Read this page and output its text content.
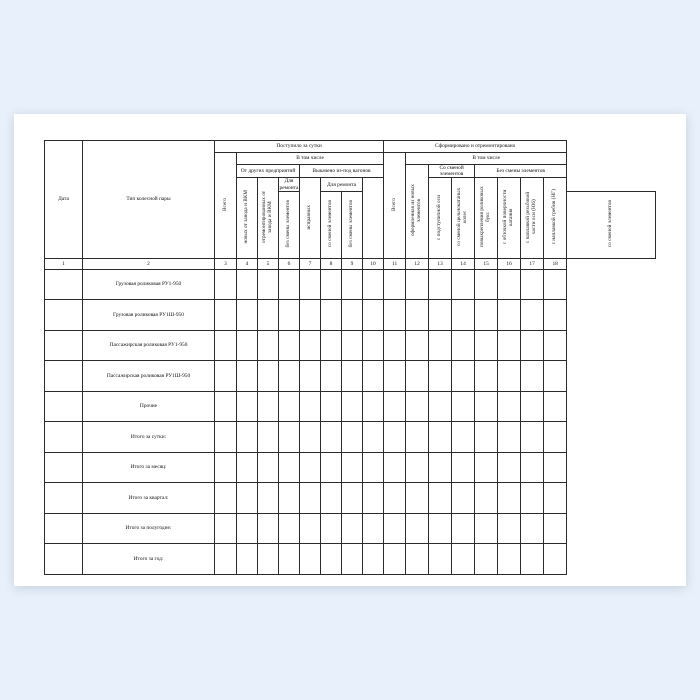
Дата	Тип колесной пары	Поступило за сутки								Сформировано и отремонтировано								
		Всего	В том числе							Всего	В том числе							
			От других предприятий			Выкачено из-под вагонов					оформленная из новых элементов	Со сменой элементов		Без смены элементов				
			новых от завода и ВКМ	отремонтированных от завода и ВКМ	Для ремонта	исправных	Для ремонта					с подступичной оси	со сменой цельнокатаных колес	повыкрепления роликовых букс	с обточкой поверхности катания	с наплавкой резьбовой части оси (Ю6)	с наплавкой гребня (НГ)	
					без смены элементов		со сменой элементов	без смены элементов										со сменой элементов
1	2	3	4	5	6	7	8	9	10	11	12	13	14	15	16	17	18	
	Грузовая роликовая РУ1-950																	
	Грузовая роликовая РУ1Ш-950																	
	Пассажирская роликовая РУ1-950																	
	Пассажирская роликовая РУ1Ш-950																	
	Прочие																	
	Итого за сутки:																	
	Итого за месяц:																	
	Итого за квартал:																	
	Итого за полугодие:																	
	Итого за год:																	
